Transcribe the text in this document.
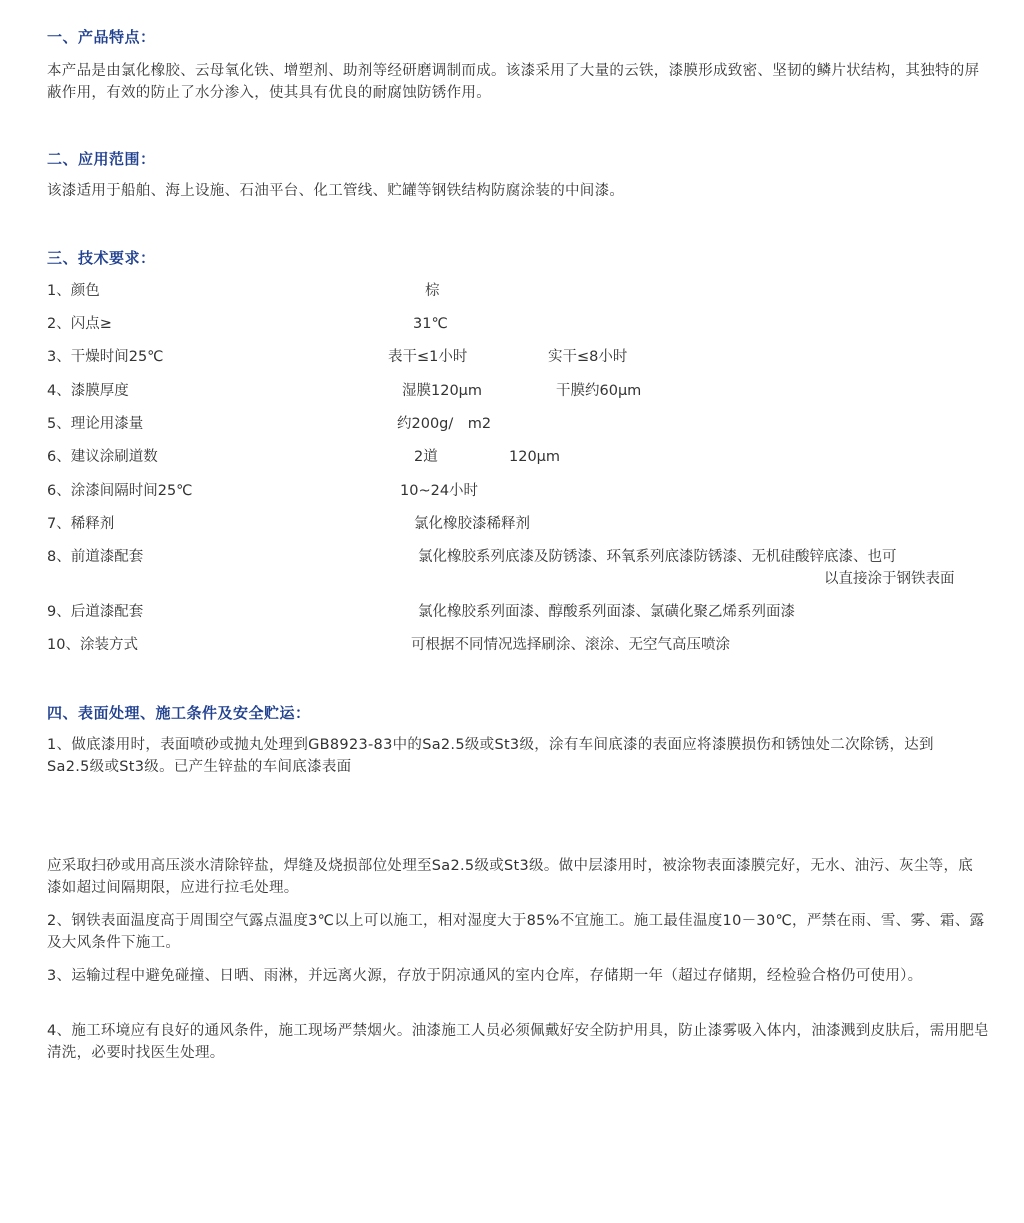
一、产品特点：
本产品是由氯化橡胶、云母氧化铁、增塑剂、助剂等经研磨调制而成。该漆采用了大量的云铁，漆膜形成致密、坚韧的鳞片状结构，其独特的屏蔽作用，有效的防止了水分渗入，使其具有优良的耐腐蚀防锈作用。
二、应用范围：
该漆适用于船舶、海上设施、石油平台、化工管线、贮罐等钢铁结构防腐涂装的中间漆。
三、技术要求：
1、颜色	棕
2、闪点≥	31℃
3、干燥时间25℃	表干≤1小时	实干≤8小时
4、漆膜厚度	湿膜120μm	干膜约60μm
5、理论用漆量	约200g/　m2
6、建议涂刷道数	2道	120μm
6、涂漆间隔时间25℃	10~24小时
7、稀释剂	氯化橡胶漆稀释剂
8、前道漆配套	氯化橡胶系列底漆及防锈漆、环氧系列底漆防锈漆、无机硅酸锌底漆、也可
以直接涂于钢铁表面
9、后道漆配套	氯化橡胶系列面漆、醇酸系列面漆、氯磺化聚乙烯系列面漆
10、涂装方式	可根据不同情况选择刷涂、滚涂、无空气高压喷涂
四、表面处理、施工条件及安全贮运：
1、做底漆用时，表面喷砂或抛丸处理到GB8923-83中的Sa2.5级或St3级，涂有车间底漆的表面应将漆膜损伤和锈蚀处二次除锈，达到Sa2.5级或St3级。已产生锌盐的车间底漆表面
应采取扫砂或用高压淡水清除锌盐，焊缝及烧损部位处理至Sa2.5级或St3级。做中层漆用时，被涂物表面漆膜完好，无水、油污、灰尘等，底漆如超过间隔期限，应进行拉毛处理。
2、钢铁表面温度高于周围空气露点温度3℃以上可以施工，相对湿度大于85%不宜施工。施工最佳温度10－30℃，严禁在雨、雪、雾、霜、露及大风条件下施工。
3、运输过程中避免碰撞、日晒、雨淋，并远离火源，存放于阴凉通风的室内仓库，存储期一年（超过存储期，经检验合格仍可使用）。
4、施工环境应有良好的通风条件，施工现场严禁烟火。油漆施工人员必须佩戴好安全防护用具，防止漆雾吸入体内，油漆溅到皮肤后，需用肥皂清洗，必要时找医生处理。
